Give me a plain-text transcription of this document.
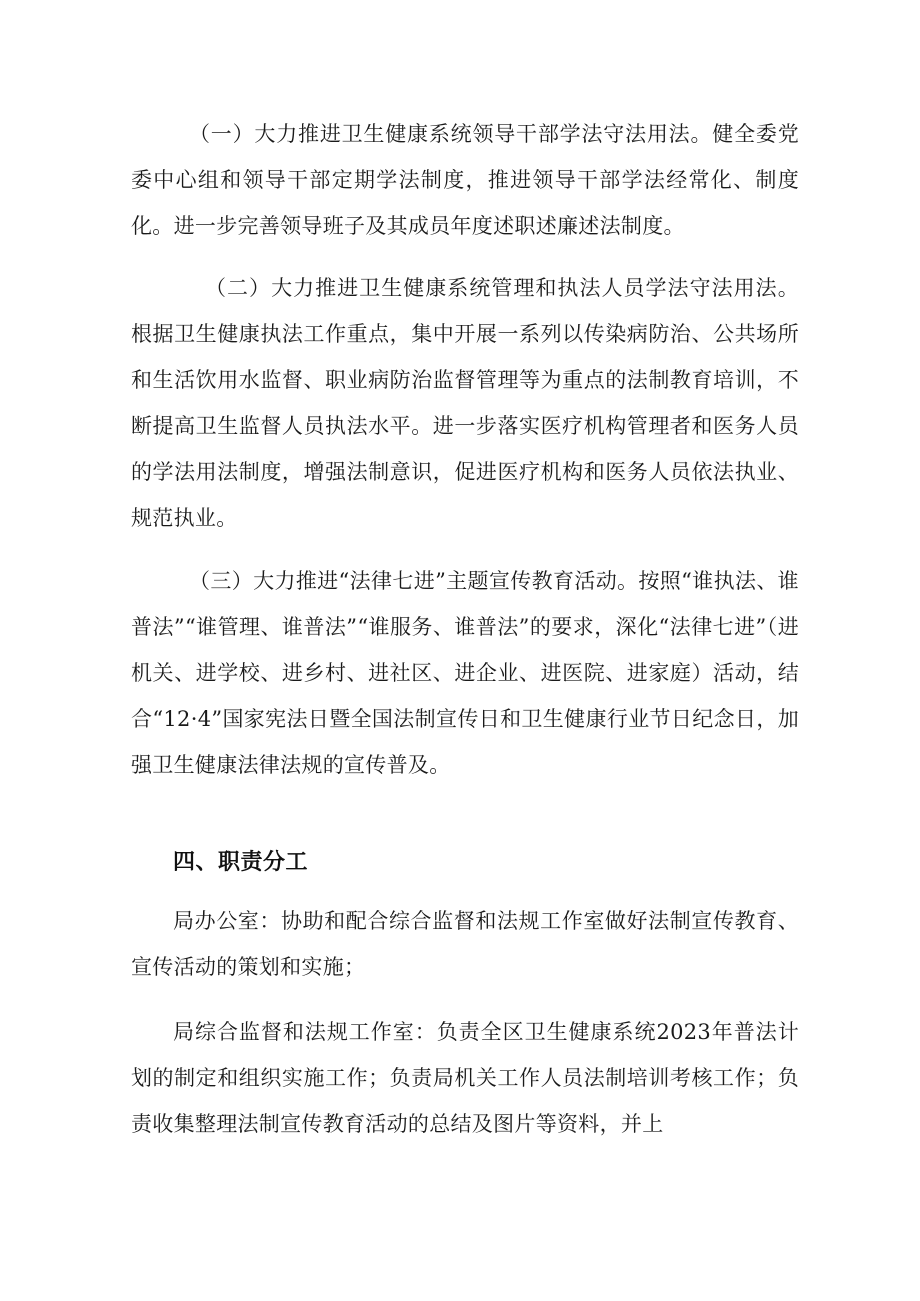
（一）大力推进卫生健康系统领导干部学法守法用法。健全委党委中心组和领导干部定期学法制度，推进领导干部学法经常化、制度化。进一步完善领导班子及其成员年度述职述廉述法制度。

（二）大力推进卫生健康系统管理和执法人员学法守法用法。根据卫生健康执法工作重点，集中开展一系列以传染病防治、公共场所和生活饮用水监督、职业病防治监督管理等为重点的法制教育培训，不断提高卫生监督人员执法水平。进一步落实医疗机构管理者和医务人员的学法用法制度，增强法制意识，促进医疗机构和医务人员依法执业、规范执业。

（三）大力推进“法律七进”主题宣传教育活动。按照“谁执法、谁普法”“谁管理、谁普法”“谁服务、谁普法”的要求，深化“法律七进”（进机关、进学校、进乡村、进社区、进企业、进医院、进家庭）活动，结合“12·4”国家宪法日暨全国法制宣传日和卫生健康行业节日纪念日，加强卫生健康法律法规的宣传普及。

四、职责分工

局办公室：协助和配合综合监督和法规工作室做好法制宣传教育、宣传活动的策划和实施；

局综合监督和法规工作室：负责全区卫生健康系统2023年普法计划的制定和组织实施工作；负责局机关工作人员法制培训考核工作；负责收集整理法制宣传教育活动的总结及图片等资料，并上
